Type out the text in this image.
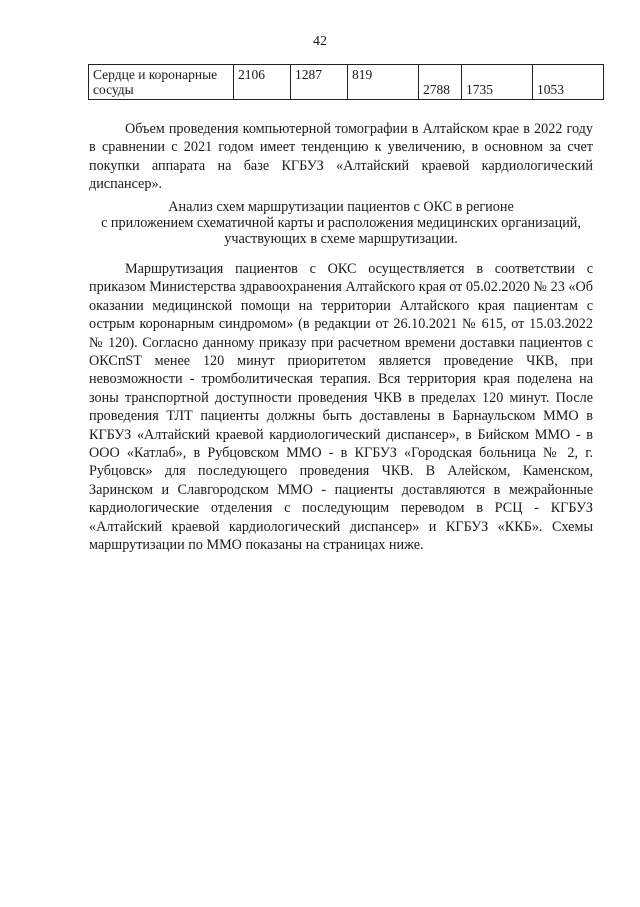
42
Сердце и коронарные сосуды	2106	1287	819	2788	1735	1053

Объем проведения компьютерной томографии в Алтайском крае в 2022 году в сравнении с 2021 годом имеет тенденцию к увеличению, в основном за счет покупки аппарата на базе КГБУЗ «Алтайский краевой кардиологический диспансер».

Анализ схем маршрутизации пациентов с ОКС в регионе
с приложением схематичной карты и расположения медицинских организаций,
участвующих в схеме маршрутизации.

Маршрутизация пациентов с ОКС осуществляется в соответствии с приказом Министерства здравоохранения Алтайского края от 05.02.2020 № 23 «Об оказании медицинской помощи на территории Алтайского края пациентам с острым коронарным синдромом» (в редакции от 26.10.2021 № 615, от 15.03.2022 № 120). Согласно данному приказу при расчетном времени доставки пациентов с ОКСпST менее 120 минут приоритетом является проведение ЧКВ, при невозможности - тромболитическая терапия. Вся территория края поделена на зоны транспортной доступности проведения ЧКВ в пределах 120 минут. После проведения ТЛТ пациенты должны быть доставлены в Барнаульском ММО в КГБУЗ «Алтайский краевой кардиологический диспансер», в Бийском ММО - в ООО «Катлаб», в Рубцовском ММО - в КГБУЗ «Городская больница № 2, г. Рубцовск» для последующего проведения ЧКВ. В Алейском, Каменском, Заринском и Славгородском ММО - пациенты доставляются в межрайонные кардиологические отделения с последующим переводом в РСЦ - КГБУЗ «Алтайский краевой кардиологический диспансер» и КГБУЗ «ККБ». Схемы маршрутизации по ММО показаны на страницах ниже.
